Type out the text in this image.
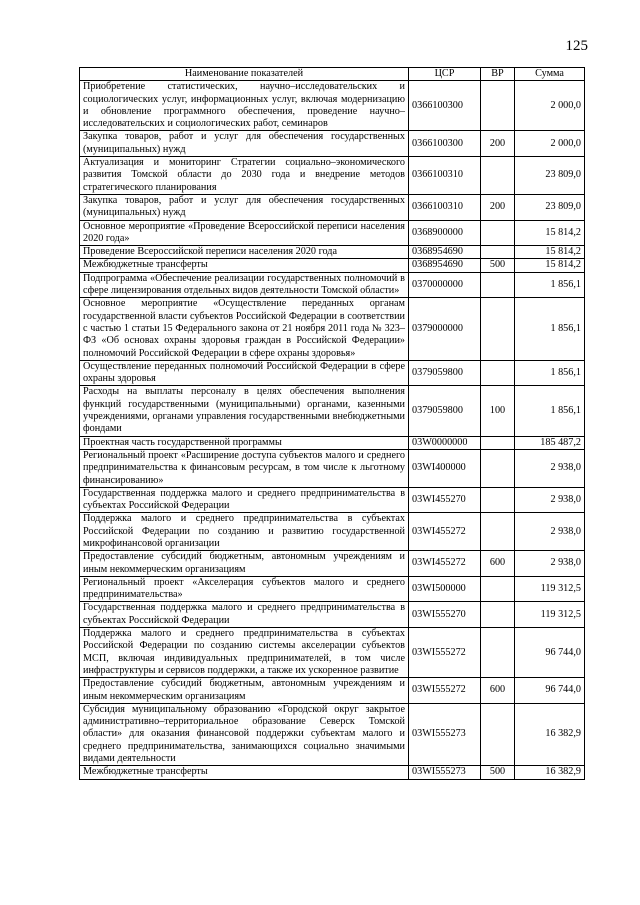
125
Наименование показателей	ЦСР	ВР	Сумма
Приобретение статистических, научно–исследовательских и социологических услуг, информационных услуг, включая модернизацию и обновление программного обеспечения, проведение научно–исследовательских и социологических работ, семинаров	0366100300		2 000,0
Закупка товаров, работ и услуг для обеспечения государственных (муниципальных) нужд	0366100300	200	2 000,0
Актуализация и мониторинг Стратегии социально–экономического развития Томской области до 2030 года и внедрение методов стратегического планирования	0366100310		23 809,0
Закупка товаров, работ и услуг для обеспечения государственных (муниципальных) нужд	0366100310	200	23 809,0
Основное мероприятие «Проведение Всероссийской переписи населения 2020 года»	0368900000		15 814,2
Проведение Всероссийской переписи населения 2020 года	0368954690		15 814,2
Межбюджетные трансферты	0368954690	500	15 814,2
Подпрограмма «Обеспечение реализации государственных полномочий в сфере лицензирования отдельных видов деятельности Томской области»	0370000000		1 856,1
Основное мероприятие «Осуществление переданных органам государственной власти субъектов Российской Федерации в соответствии с частью 1 статьи 15 Федерального закона от 21 ноября 2011 года № 323–ФЗ «Об основах охраны здоровья граждан в Российской Федерации» полномочий Российской Федерации в сфере охраны здоровья»	0379000000		1 856,1
Осуществление переданных полномочий Российской Федерации в сфере охраны здоровья	0379059800		1 856,1
Расходы на выплаты персоналу в целях обеспечения выполнения функций государственными (муниципальными) органами, казенными учреждениями, органами управления государственными внебюджетными фондами	0379059800	100	1 856,1
Проектная часть государственной программы	03W0000000		185 487,2
Региональный проект «Расширение доступа субъектов малого и среднего предпринимательства к финансовым ресурсам, в том числе к льготному финансированию»	03WI400000		2 938,0
Государственная поддержка малого и среднего предпринимательства в субъектах Российской Федерации	03WI455270		2 938,0
Поддержка малого и среднего предпринимательства в субъектах Российской Федерации по созданию и развитию государственной микрофинансовой организации	03WI455272		2 938,0
Предоставление субсидий бюджетным, автономным учреждениям и иным некоммерческим организациям	03WI455272	600	2 938,0
Региональный проект «Акселерация субъектов малого и среднего предпринимательства»	03WI500000		119 312,5
Государственная поддержка малого и среднего предпринимательства в субъектах Российской Федерации	03WI555270		119 312,5
Поддержка малого и среднего предпринимательства в субъектах Российской Федерации по созданию системы акселерации субъектов МСП, включая индивидуальных предпринимателей, в том числе инфраструктуры и сервисов поддержки, а также их ускоренное развитие	03WI555272		96 744,0
Предоставление субсидий бюджетным, автономным учреждениям и иным некоммерческим организациям	03WI555272	600	96 744,0
Субсидия муниципальному образованию «Городской округ закрытое административно–территориальное образование Северск Томской области» для оказания финансовой поддержки субъектам малого и среднего предпринимательства, занимающихся социально значимыми видами деятельности	03WI555273		16 382,9
Межбюджетные трансферты	03WI555273	500	16 382,9
